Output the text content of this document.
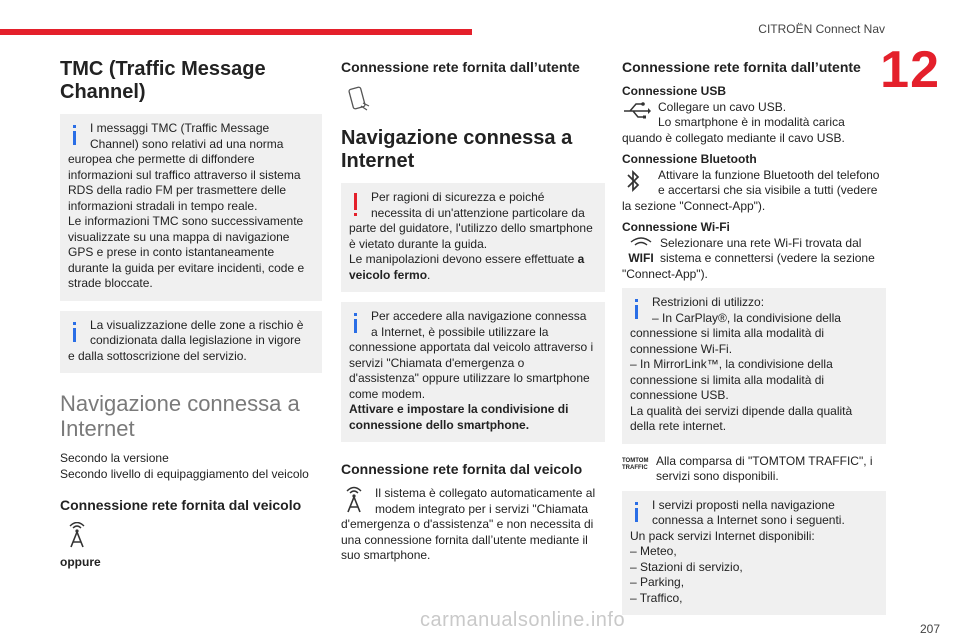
CITROËN Connect Nav
12
TMC (Traffic Message Channel)
I messaggi TMC (Traffic Message
Channel) sono relativi ad una norma
europea che permette di diffondere
informazioni sul traffico attraverso il sistema
RDS della radio FM per trasmettere delle
informazioni stradali in tempo reale.
Le informazioni TMC sono successivamente
visualizzate su una mappa di navigazione
GPS e prese in conto istantaneamente
durante la guida per evitare incidenti, code e
strade bloccate.
La visualizzazione delle zone a rischio è
condizionata dalla legislazione in vigore
e dalla sottoscrizione del servizio.
Navigazione connessa a Internet
Secondo la versione
Secondo livello di equipaggiamento del veicolo
Connessione rete fornita dal veicolo
oppure
Connessione rete fornita dall’utente
Navigazione connessa a Internet
Per ragioni di sicurezza e poiché
necessita di un'attenzione particolare da
parte del guidatore, l'utilizzo dello smartphone
è vietato durante la guida.
Le manipolazioni devono essere effettuate a veicolo fermo.
Per accedere alla navigazione connessa
a Internet, è possibile utilizzare la
connessione apportata dal veicolo attraverso i
servizi "Chiamata d'emergenza o
d'assistenza" oppure utilizzare lo smartphone
come modem.
Attivare e impostare la condivisione di connessione dello smartphone.
Connessione rete fornita dal veicolo
Il sistema è collegato automaticamente al
modem integrato per i servizi "Chiamata
d'emergenza o d'assistenza" e non necessita di
una connessione fornita dall’utente mediante il
suo smartphone.
Connessione rete fornita dall’utente
Connessione USB
Collegare un cavo USB.
Lo smartphone è in modalità carica
quando è collegato mediante il cavo USB.
Connessione Bluetooth
Attivare la funzione Bluetooth del telefono
e accertarsi che sia visibile a tutti (vedere
la sezione "Connect-App").
Connessione Wi-Fi
WIFI
Selezionare una rete Wi-Fi trovata dal
sistema e connettersi (vedere la sezione
"Connect-App").
Restrizioni di utilizzo:
– In CarPlay®, la condivisione della
connessione si limita alla modalità di
connessione Wi-Fi.
– In MirrorLink™, la condivisione della
connessione si limita alla modalità di
connessione USB.
La qualità dei servizi dipende dalla qualità
della rete internet.
TOMTOM TRAFFIC Alla comparsa di "TOMTOM TRAFFIC", i
servizi sono disponibili.
I servizi proposti nella navigazione
connessa a Internet sono i seguenti.
Un pack servizi Internet disponibili:
– Meteo,
– Stazioni di servizio,
– Parking,
– Traffico,
carmanualsonline.info	207
